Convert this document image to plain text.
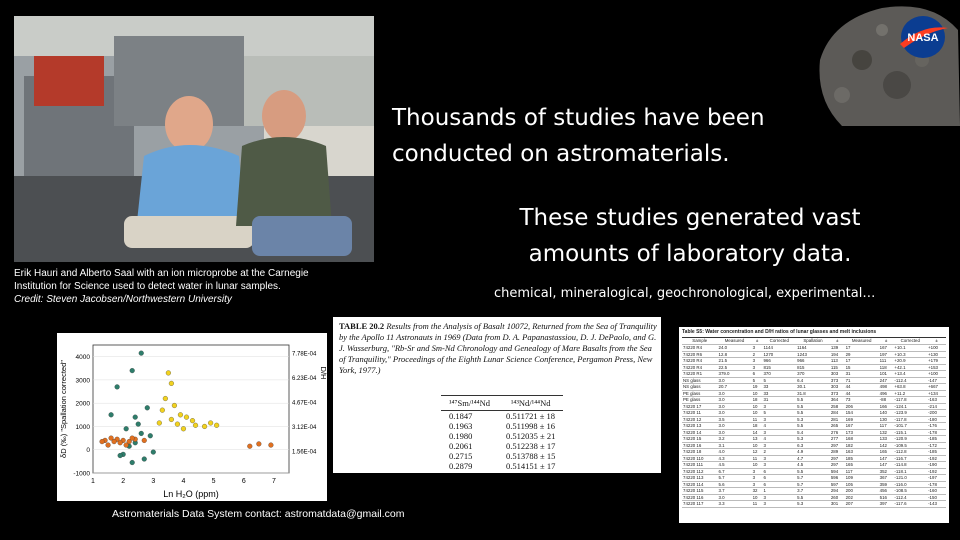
Erik Hauri and Alberto Saal with an ion microprobe at the Carnegie
Institution for Science used to detect water in lunar samples.
Credit: Steven Jacobsen/Northwestern University
NASA
Thousands of studies have been conducted on astromaterials.
These studies generated vast amounts of laboratory data.
chemical, mineralogical, geochronological, experimental…
1	2	3	4	5	6	7
4000
3000
2000
1000
0
-1000
7.78E-04
6.23E-04
4.67E-04
3.12E-04
1.56E-04
Ln H₂O (ppm)
δD (‰) "Spallation corrected"	D/H
TABLE 20.2 Results from the Analysis of Basalt 10072, Returned from the Sea of Tranquility by the Apollo 11 Astronauts in 1969 (Data from D. A. Papanastassiou, D. J. DePaolo, and G. J. Wasserburg, "Rb-Sr and Sm-Nd Chronology and Genealogy of Mare Basalts from the Sea of Tranquility," Proceedings of the Eighth Lunar Science Conference, Pergamon Press, New York, 1977.)
¹⁴⁷Sm/¹⁴⁴Nd	¹⁴³Nd/¹⁴⁴Nd
0.1847	0.511721 ± 18
0.1963	0.511998 ± 16
0.1980	0.512035 ± 21
0.2061	0.512238 ± 17
0.2715	0.513788 ± 15
0.2879	0.514151 ± 17
Table S5: Water concentration and D/H ratios of lunar glasses and melt inclusions
Sample	Measured	±	Corrected	Spallation	±	Measured	±	Corrected	±
74220 R4	24.0	3	1144	1164	139	17	167	+10.1	+100
74220 R6	12.8	2	1270	1243	194	29	197	+10.3	+130
74220 R4	21.5	3	966	966	113	17	111	+20.9	+179
74220 R4	22.5	3	815	815	115	15	118	+42.1	+153
74220 R1	379.0	6	370	370	303	31	101	+13.4	+100
NS glass	3.0	5	5	6.4	373	71	247	-112.4	-147
NS glass	20.7	19	33	30.1	303	44	498	+63.8	+667
PE glass	3.0	10	33	31.8	373	44	496	+11.2	+134
PE glass	3.0	18	31	5.5	364	73	-88	-117.8	-163
74220 17	3.0	10	3	5.5	258	206	166	-124.1	-214
74220 11	3.0	10	5	5.5	284	154	140	-123.9	-200
74220 12	3.5	11	3	5.3	281	169	130	-117.8	-180
74220 13	3.0	18	4	5.5	265	167	117	-101.7	-176
74220 14	3.0	14	3	5.4	276	173	132	-115.1	-178
74220 15	3.2	13	4	5.3	277	168	133	-120.9	-185
74220 16	3.1	10	3	6.3	297	182	142	-109.5	-172
74220 18	4.0	12	2	4.9	289	163	165	-112.8	-185
74220 110	4.3	11	3	4.7	297	185	147	-116.7	-192
74220 111	4.5	10	3	4.5	297	165	147	-114.8	-190
74220 112	6.7	3	6	5.5	594	117	352	-118.1	-192
74220 113	5.7	3	6	5.7	596	109	367	-121.0	-197
74220 114	5.6	3	6	5.7	597	105	359	-116.0	-178
74220 115	3.7	32	1	3.7	294	200	456	-108.5	-160
74220 116	3.0	10	3	5.5	260	202	516	-112.4	-150
74220 117	3.3	11	3	5.3	301	207	397	-117.6	-143
Astromaterials Data System contact: astromatdata@gmail.com
